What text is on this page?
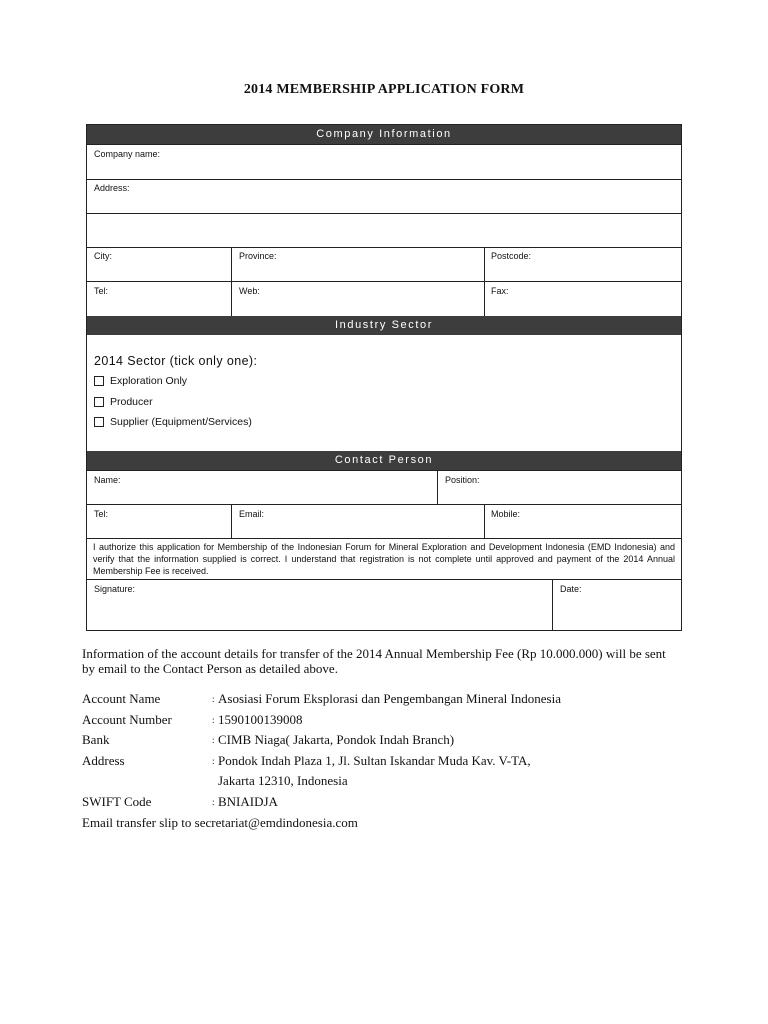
2014 MEMBERSHIP APPLICATION FORM
Company Information
Company name:
Address:
City:	Province:	Postcode:
Tel:	Web:	Fax:
Industry Sector
2014 Sector (tick only one):
Exploration Only
Producer
Supplier (Equipment/Services)
Contact Person
Name:	Position:
Tel:	Email:	Mobile:
I authorize this application for Membership of the Indonesian Forum for Mineral Exploration and Development Indonesia (EMD Indonesia) and verify that the information supplied is correct. I understand that registration is not complete until approved and payment of the 2014 Annual Membership Fee is received.
Signature:	Date:
Information of the account details for transfer of the 2014 Annual Membership Fee (Rp 10.000.000) will be sent by email to the Contact Person as detailed above.
Account Name	: Asosiasi Forum Eksplorasi dan Pengembangan Mineral Indonesia
Account Number	: 1590100139008
Bank	: CIMB Niaga( Jakarta, Pondok Indah Branch)
Address	: Pondok Indah Plaza 1, Jl. Sultan Iskandar Muda Kav. V-TA,
Jakarta 12310, Indonesia
SWIFT Code	: BNIAIDJA
Email transfer slip to secretariat@emdindonesia.com
